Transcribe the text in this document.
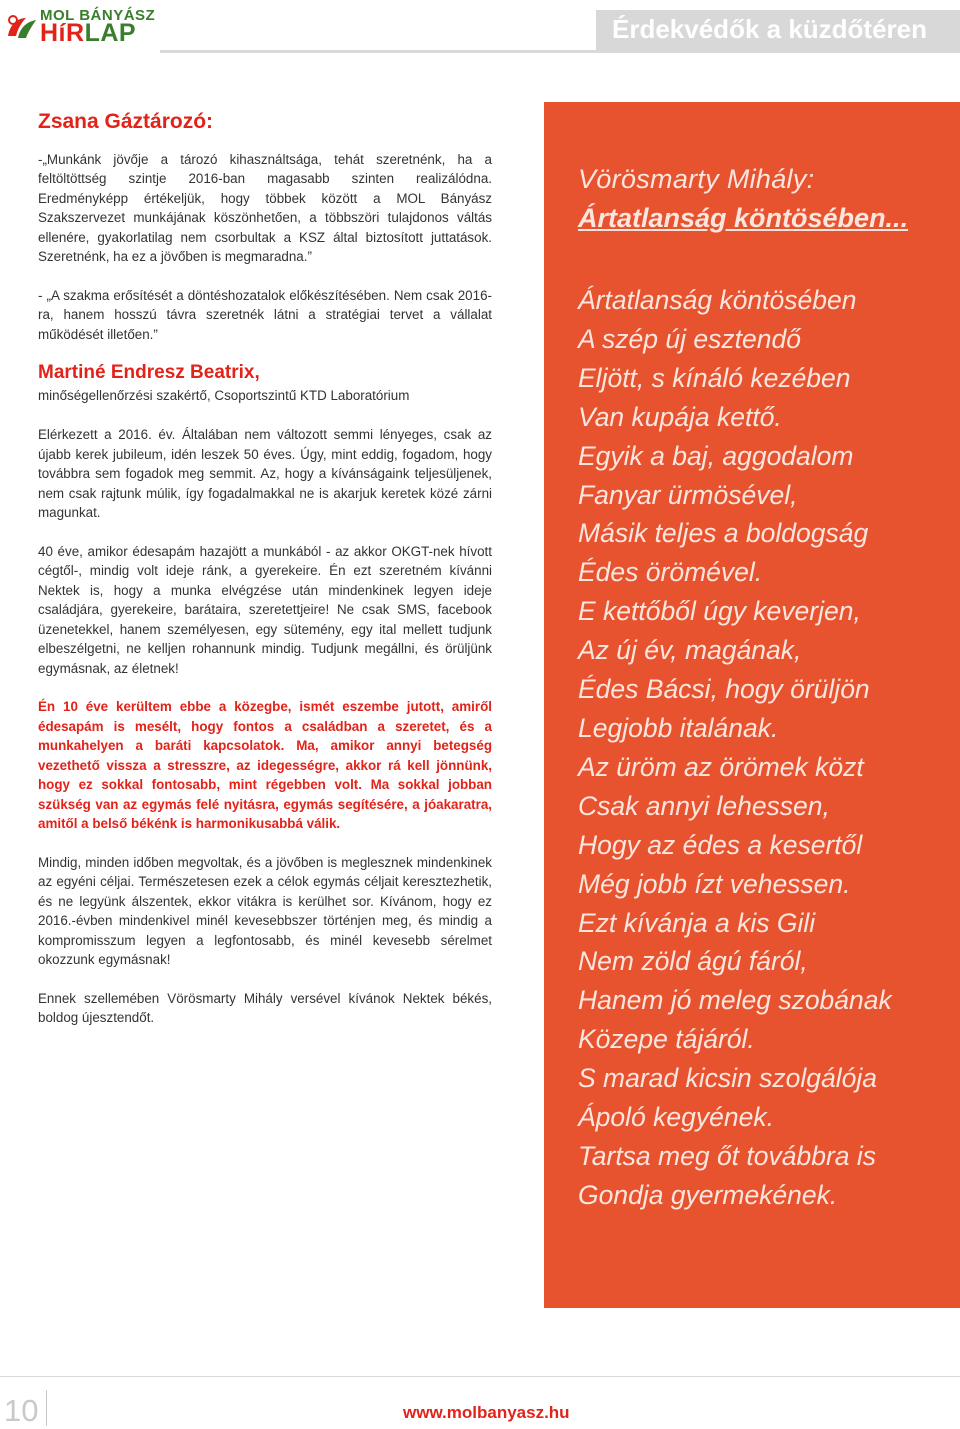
MOL BÁNYÁSZ
HíRLAP	Érdekvédők a küzdőtéren
Zsana Gáztározó:

-„Munkánk jövője a tározó kihasználtsága, tehát szeretnénk, ha a feltöltöttség szintje 2016-ban magasabb szinten realizálódna. Eredményképp értékeljük, hogy többek között a MOL Bányász Szakszervezet munkájának köszönhetően, a többszöri tulajdonos váltás ellenére, gyakorlatilag nem csorbultak a KSZ által biztosított juttatások. Szeretnénk, ha ez a jövőben is megmaradna.”

- „A szakma erősítését a döntéshozatalok előkészítésében. Nem csak 2016-ra, hanem hosszú távra szeretnék látni a stratégiai tervet a vállalat működését illetően.”

Martiné Endresz Beatrix,
minőségellenőrzési szakértő, Csoportszintű KTD Laboratórium

Elérkezett a 2016. év. Általában nem változott semmi lényeges, csak az újabb kerek jubileum, idén leszek 50 éves. Úgy, mint eddig, fogadom, hogy továbbra sem fogadok meg semmit. Az, hogy a kívánságaink teljesüljenek, nem csak rajtunk múlik, így fogadalmakkal ne is akarjuk keretek közé zárni magunkat.

40 éve, amikor édesapám hazajött a munkából - az akkor OKGT-nek hívott cégtől-, mindig volt ideje ránk, a gyerekeire. Én ezt szeretném kívánni Nektek is, hogy a munka elvégzése után mindenkinek legyen ideje családjára, gyerekeire, barátaira, szeretettjeire! Ne csak SMS, facebook üzenetekkel, hanem személyesen, egy sütemény, egy ital mellett tudjunk elbeszélgetni, ne kelljen rohannunk mindig. Tudjunk megállni, és örüljünk egymásnak, az életnek!

Én 10 éve kerültem ebbe a közegbe, ismét eszembe jutott, amiről édesapám is mesélt, hogy fontos a családban a szeretet, és a munkahelyen a baráti kapcsolatok. Ma, amikor annyi betegség vezethető vissza a stresszre, az idegességre, akkor rá kell jönnünk, hogy ez sokkal fontosabb, mint régebben volt. Ma sokkal jobban szükség van az egymás felé nyitásra, egymás segítésére, a jóakaratra, amitől a belső békénk is harmonikusabbá válik.

Mindig, minden időben megvoltak, és a jövőben is meglesznek mindenkinek az egyéni céljai. Természetesen ezek a célok egymás céljait keresztezhetik, és ne legyünk álszentek, ekkor vitákra is kerülhet sor. Kívánom, hogy ez 2016.-évben mindenkivel minél kevesebbszer történjen meg, és mindig a kompromisszum legyen a legfontosabb, és minél kevesebb sérelmet okozzunk egymásnak!

Ennek szellemében Vörösmarty Mihály versével kívánok Nektek békés, boldog újesztendőt.

Vörösmarty Mihály:
Ártatlanság köntösében...
Ártatlanság köntösében
A szép új esztendő
Eljött, s kínáló kezében
Van kupája kettő.
Egyik a baj, aggodalom
Fanyar ürmösével,
Másik teljes a boldogság
Édes örömével.
E kettőből úgy keverjen,
Az új év, magának,
Édes Bácsi, hogy örüljön
Legjobb italának.
Az üröm az örömek közt
Csak annyi lehessen,
Hogy az édes a kesertől
Még jobb ízt vehessen.
Ezt kívánja a kis Gili
Nem zöld ágú fáról,
Hanem jó meleg szobának
Közepe tájáról.
S marad kicsin szolgálója
Ápoló kegyének.
Tartsa meg őt továbbra is
Gondja gyermekének.
10	www.molbanyasz.hu
